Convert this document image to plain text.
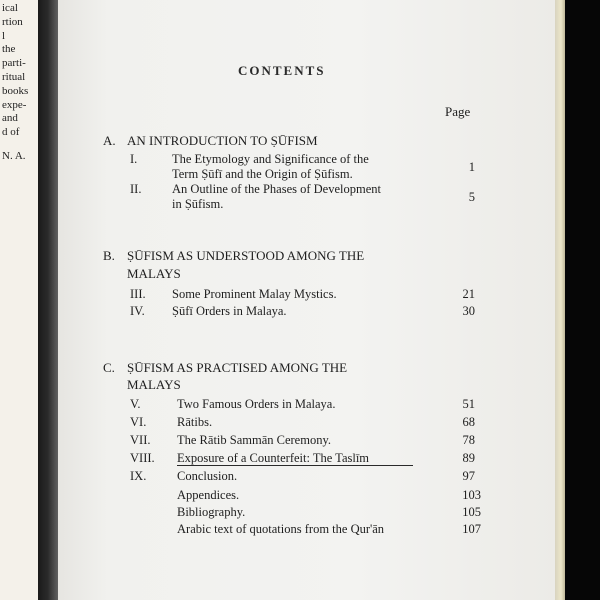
ical
rtion
l
the
parti-
ritual
books
expe-
and
d of
N. A.
CONTENTS
Page
A. AN INTRODUCTION TO ṢŪFISM
I.	The Etymology and Significance of the
Term Ṣūfī and the Origin of Ṣūfism.	1
II. An Outline of the Phases of Development
in Ṣūfism.	5
B. ṢŪFISM AS UNDERSTOOD AMONG THE
MALAYS
III. Some Prominent Malay Mystics.	21
IV. Ṣūfī Orders in Malaya.	30
C. ṢŪFISM AS PRACTISED AMONG THE
MALAYS
V.	Two Famous Orders in Malaya.	51
VI. Rātibs.	68
VII. The Rātib Sammān Ceremony.	78
VIII. Exposure of a Counterfeit: The Taslīm	89
IX. Conclusion.	97
Appendices.	103
Bibliography.	105
Arabic text of quotations from the Qur'ān	107
